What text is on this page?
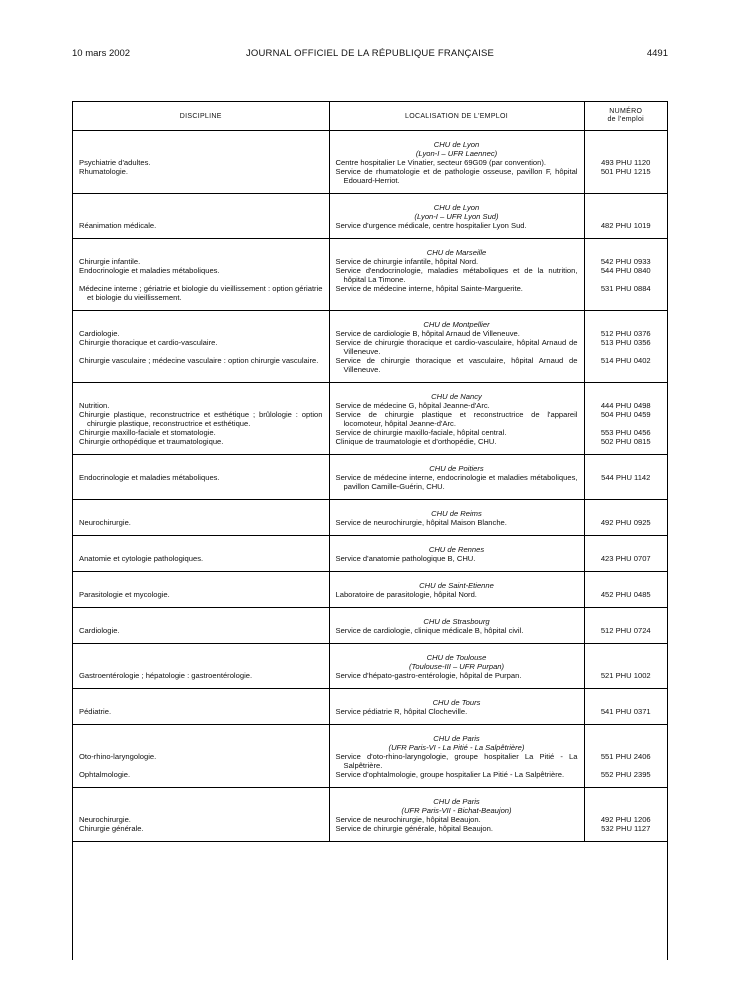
10 mars 2002	JOURNAL OFFICIEL DE LA RÉPUBLIQUE FRANÇAISE	4491
DISCIPLINE	LOCALISATION DE L'EMPLOI	NUMÉRO
de l'emploi
	CHU de Lyon
(Lyon-I – UFR Laennec)	

Psychiatrie d'adultes.	Centre hospitalier Le Vinatier, secteur 69G09 (par convention).	493 PHU 1120

Rhumatologie.	Service de rhumatologie et de pathologie osseuse, pavillon F, hôpital Edouard-Herriot.	501 PHU 1215
	CHU de Lyon
(Lyon-I – UFR Lyon Sud)	

Réanimation médicale.	Service d'urgence médicale, centre hospitalier Lyon Sud.	482 PHU 1019
	CHU de Marseille	

Chirurgie infantile.	Service de chirurgie infantile, hôpital Nord.	542 PHU 0933

Endocrinologie et maladies métaboliques.	Service d'endocrinologie, maladies métaboliques et de la nutrition, hôpital La Timone.	544 PHU 0840

Médecine interne ; gériatrie et biologie du vieillissement : option gériatrie et biologie du vieillissement.	Service de médecine interne, hôpital Sainte-Marguerite.	531 PHU 0884
	CHU de Montpellier	

Cardiologie.	Service de cardiologie B, hôpital Arnaud de Villeneuve.	512 PHU 0376

Chirurgie thoracique et cardio-vasculaire.	Service de chirurgie thoracique et cardio-vasculaire, hôpital Arnaud de Villeneuve.	513 PHU 0356

Chirurgie vasculaire ; médecine vasculaire : option chirurgie vasculaire.	Service de chirurgie thoracique et vasculaire, hôpital Arnaud de Villeneuve.	514 PHU 0402
	CHU de Nancy	

Nutrition.	Service de médecine G, hôpital Jeanne-d'Arc.	444 PHU 0498

Chirurgie plastique, reconstructrice et esthétique ; brûlologie : option chirurgie plastique, reconstructrice et esthétique.	Service de chirurgie plastique et reconstructrice de l'appareil locomoteur, hôpital Jeanne-d'Arc.	504 PHU 0459

Chirurgie maxillo-faciale et stomatologie.	Service de chirurgie maxillo-faciale, hôpital central.	553 PHU 0456

Chirurgie orthopédique et traumatologique.	Clinique de traumatologie et d'orthopédie, CHU.	502 PHU 0815
	CHU de Poitiers	

Endocrinologie et maladies métaboliques.	Service de médecine interne, endocrinologie et maladies métaboliques, pavillon Camille-Guérin, CHU.	544 PHU 1142
	CHU de Reims	

Neurochirurgie.	Service de neurochirurgie, hôpital Maison Blanche.	492 PHU 0925
	CHU de Rennes	

Anatomie et cytologie pathologiques.	Service d'anatomie pathologique B, CHU.	423 PHU 0707
	CHU de Saint-Etienne	

Parasitologie et mycologie.	Laboratoire de parasitologie, hôpital Nord.	452 PHU 0485
	CHU de Strasbourg	

Cardiologie.	Service de cardiologie, clinique médicale B, hôpital civil.	512 PHU 0724
	CHU de Toulouse
(Toulouse-III – UFR Purpan)	

Gastroentérologie ; hépatologie : gastroentérologie.	Service d'hépato-gastro-entérologie, hôpital de Purpan.	521 PHU 1002
	CHU de Tours	

Pédiatrie.	Service pédiatrie R, hôpital Clocheville.	541 PHU 0371
	CHU de Paris
(UFR Paris-VI - La Pitié - La Salpêtrière)	

Oto-rhino-laryngologie.	Service d'oto-rhino-laryngologie, groupe hospitalier La Pitié - La Salpêtrière.	551 PHU 2406

Ophtalmologie.	Service d'ophtalmologie, groupe hospitalier La Pitié - La Salpêtrière.	552 PHU 2395
	CHU de Paris
(UFR Paris-VII - Bichat-Beaujon)	

Neurochirurgie.	Service de neurochirurgie, hôpital Beaujon.	492 PHU 1206

Chirurgie générale.	Service de chirurgie générale, hôpital Beaujon.	532 PHU 1127
